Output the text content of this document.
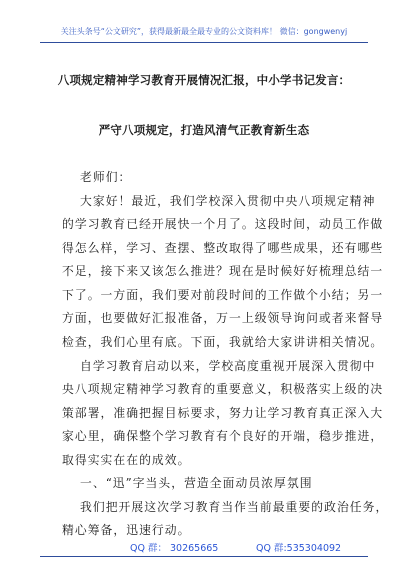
关注头条号“公文研究”，获得最新最全最专业的公文资料库！ 微信：gongwenyj
八项规定精神学习教育开展情况汇报，中小学书记发言：
严守八项规定，打造风清气正教育新生态
老师们：
大家好！最近，我们学校深入贯彻中央八项规定精神
的学习教育已经开展快一个月了。这段时间，动员工作做
得怎么样，学习、查摆、整改取得了哪些成果，还有哪些
不足，接下来又该怎么推进？现在是时候好好梳理总结一
下了。一方面，我们要对前段时间的工作做个小结；另一
方面，也要做好汇报准备，万一上级领导询问或者来督导
检查，我们心里有底。下面，我就给大家讲讲相关情况。
自学习教育启动以来，学校高度重视开展深入贯彻中
央八项规定精神学习教育的重要意义，积极落实上级的决
策部署，准确把握目标要求，努力让学习教育真正深入大
家心里，确保整个学习教育有个良好的开端，稳步推进，
取得实实在在的成效。
一、“迅”字当头，营造全面动员浓厚氛围
我们把开展这次学习教育当作当前最重要的政治任务，
精心筹备，迅速行动。
QQ 群： 30265665	QQ 群:535304092
